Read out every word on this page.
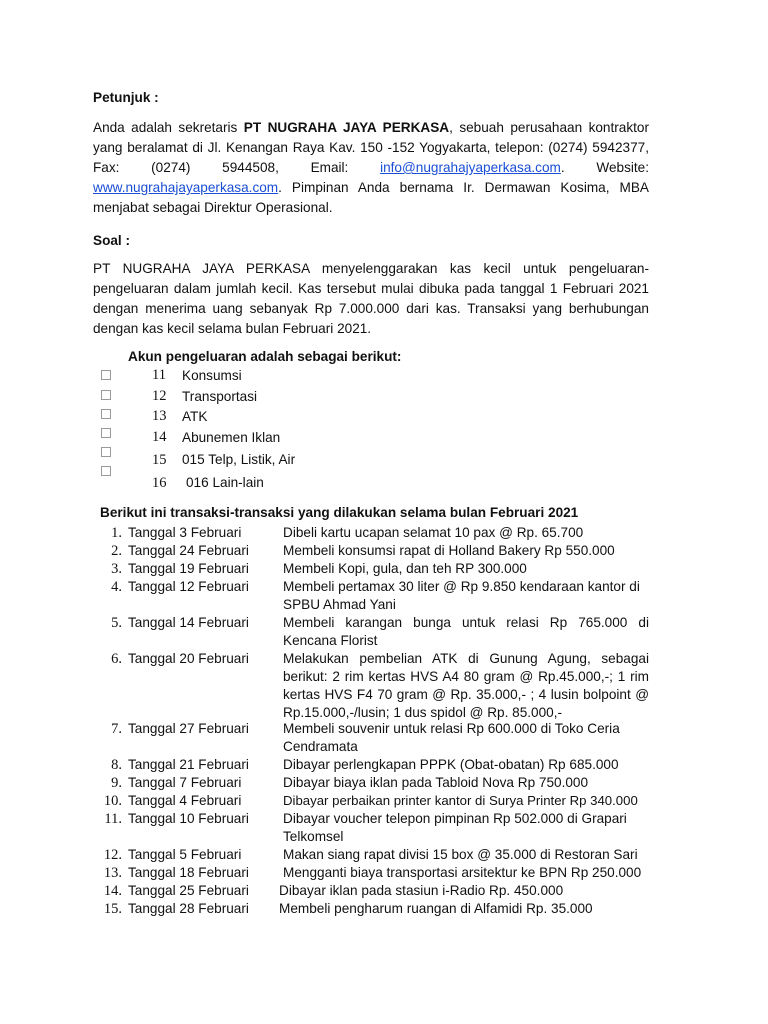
Petunjuk :
Anda adalah sekretaris PT NUGRAHA JAYA PERKASA, sebuah perusahaan kontraktor yang beralamat di Jl. Kenangan Raya Kav. 150 -152 Yogyakarta, telepon: (0274) 5942377, Fax: (0274) 5944508, Email: info@nugrahajyaperkasa.com. Website: www.nugrahajayaperkasa.com. Pimpinan Anda bernama Ir. Dermawan Kosima, MBA menjabat sebagai Direktur Operasional.
Soal :
PT NUGRAHA JAYA PERKASA menyelenggarakan kas kecil untuk pengeluaran-pengeluaran dalam jumlah kecil. Kas tersebut mulai dibuka pada tanggal 1 Februari 2021 dengan menerima uang sebanyak Rp 7.000.000 dari kas. Transaksi yang berhubungan dengan kas kecil selama bulan Februari 2021.
Akun pengeluaran adalah sebagai berikut:
11 Konsumsi
12 Transportasi
13 ATK
14 Abunemen Iklan
15 015 Telp, Listik, Air
16 016 Lain-lain
Berikut ini transaksi-transaksi yang dilakukan selama bulan Februari 2021
1. Tanggal 3 Februari	Dibeli kartu ucapan selamat 10 pax @ Rp. 65.700
2. Tanggal 24 Februari	Membeli konsumsi rapat di Holland Bakery Rp 550.000
3. Tanggal 19 Februari	Membeli Kopi, gula, dan teh RP 300.000
4. Tanggal 12 Februari	Membeli pertamax 30 liter @ Rp 9.850 kendaraan kantor di SPBU Ahmad Yani
5. Tanggal 14 Februari	Membeli karangan bunga untuk relasi Rp 765.000 di Kencana Florist
6. Tanggal 20 Februari	Melakukan pembelian ATK di Gunung Agung, sebagai berikut: 2 rim kertas HVS A4 80 gram @ Rp.45.000,-; 1 rim kertas HVS F4 70 gram @ Rp. 35.000,- ; 4 lusin bolpoint @ Rp.15.000,-/lusin; 1 dus spidol @ Rp. 85.000,-
7. Tanggal 27 Februari	Membeli souvenir untuk relasi Rp 600.000 di Toko Ceria Cendramata
8. Tanggal 21 Februari	Dibayar perlengkapan PPPK (Obat-obatan) Rp 685.000
9. Tanggal 7 Februari	Dibayar biaya iklan pada Tabloid Nova Rp 750.000
10. Tanggal 4 Februari	Dibayar perbaikan printer kantor di Surya Printer Rp 340.000
11. Tanggal 10 Februari	Dibayar voucher telepon pimpinan Rp 502.000 di Grapari Telkomsel
12. Tanggal 5 Februari	Makan siang rapat divisi 15 box @ 35.000 di Restoran Sari
13. Tanggal 18 Februari	Mengganti biaya transportasi arsitektur ke BPN Rp 250.000
14. Tanggal 25 Februari Dibayar iklan pada stasiun i-Radio Rp. 450.000
15. Tanggal 28 Februari Membeli pengharum ruangan di Alfamidi Rp. 35.000
